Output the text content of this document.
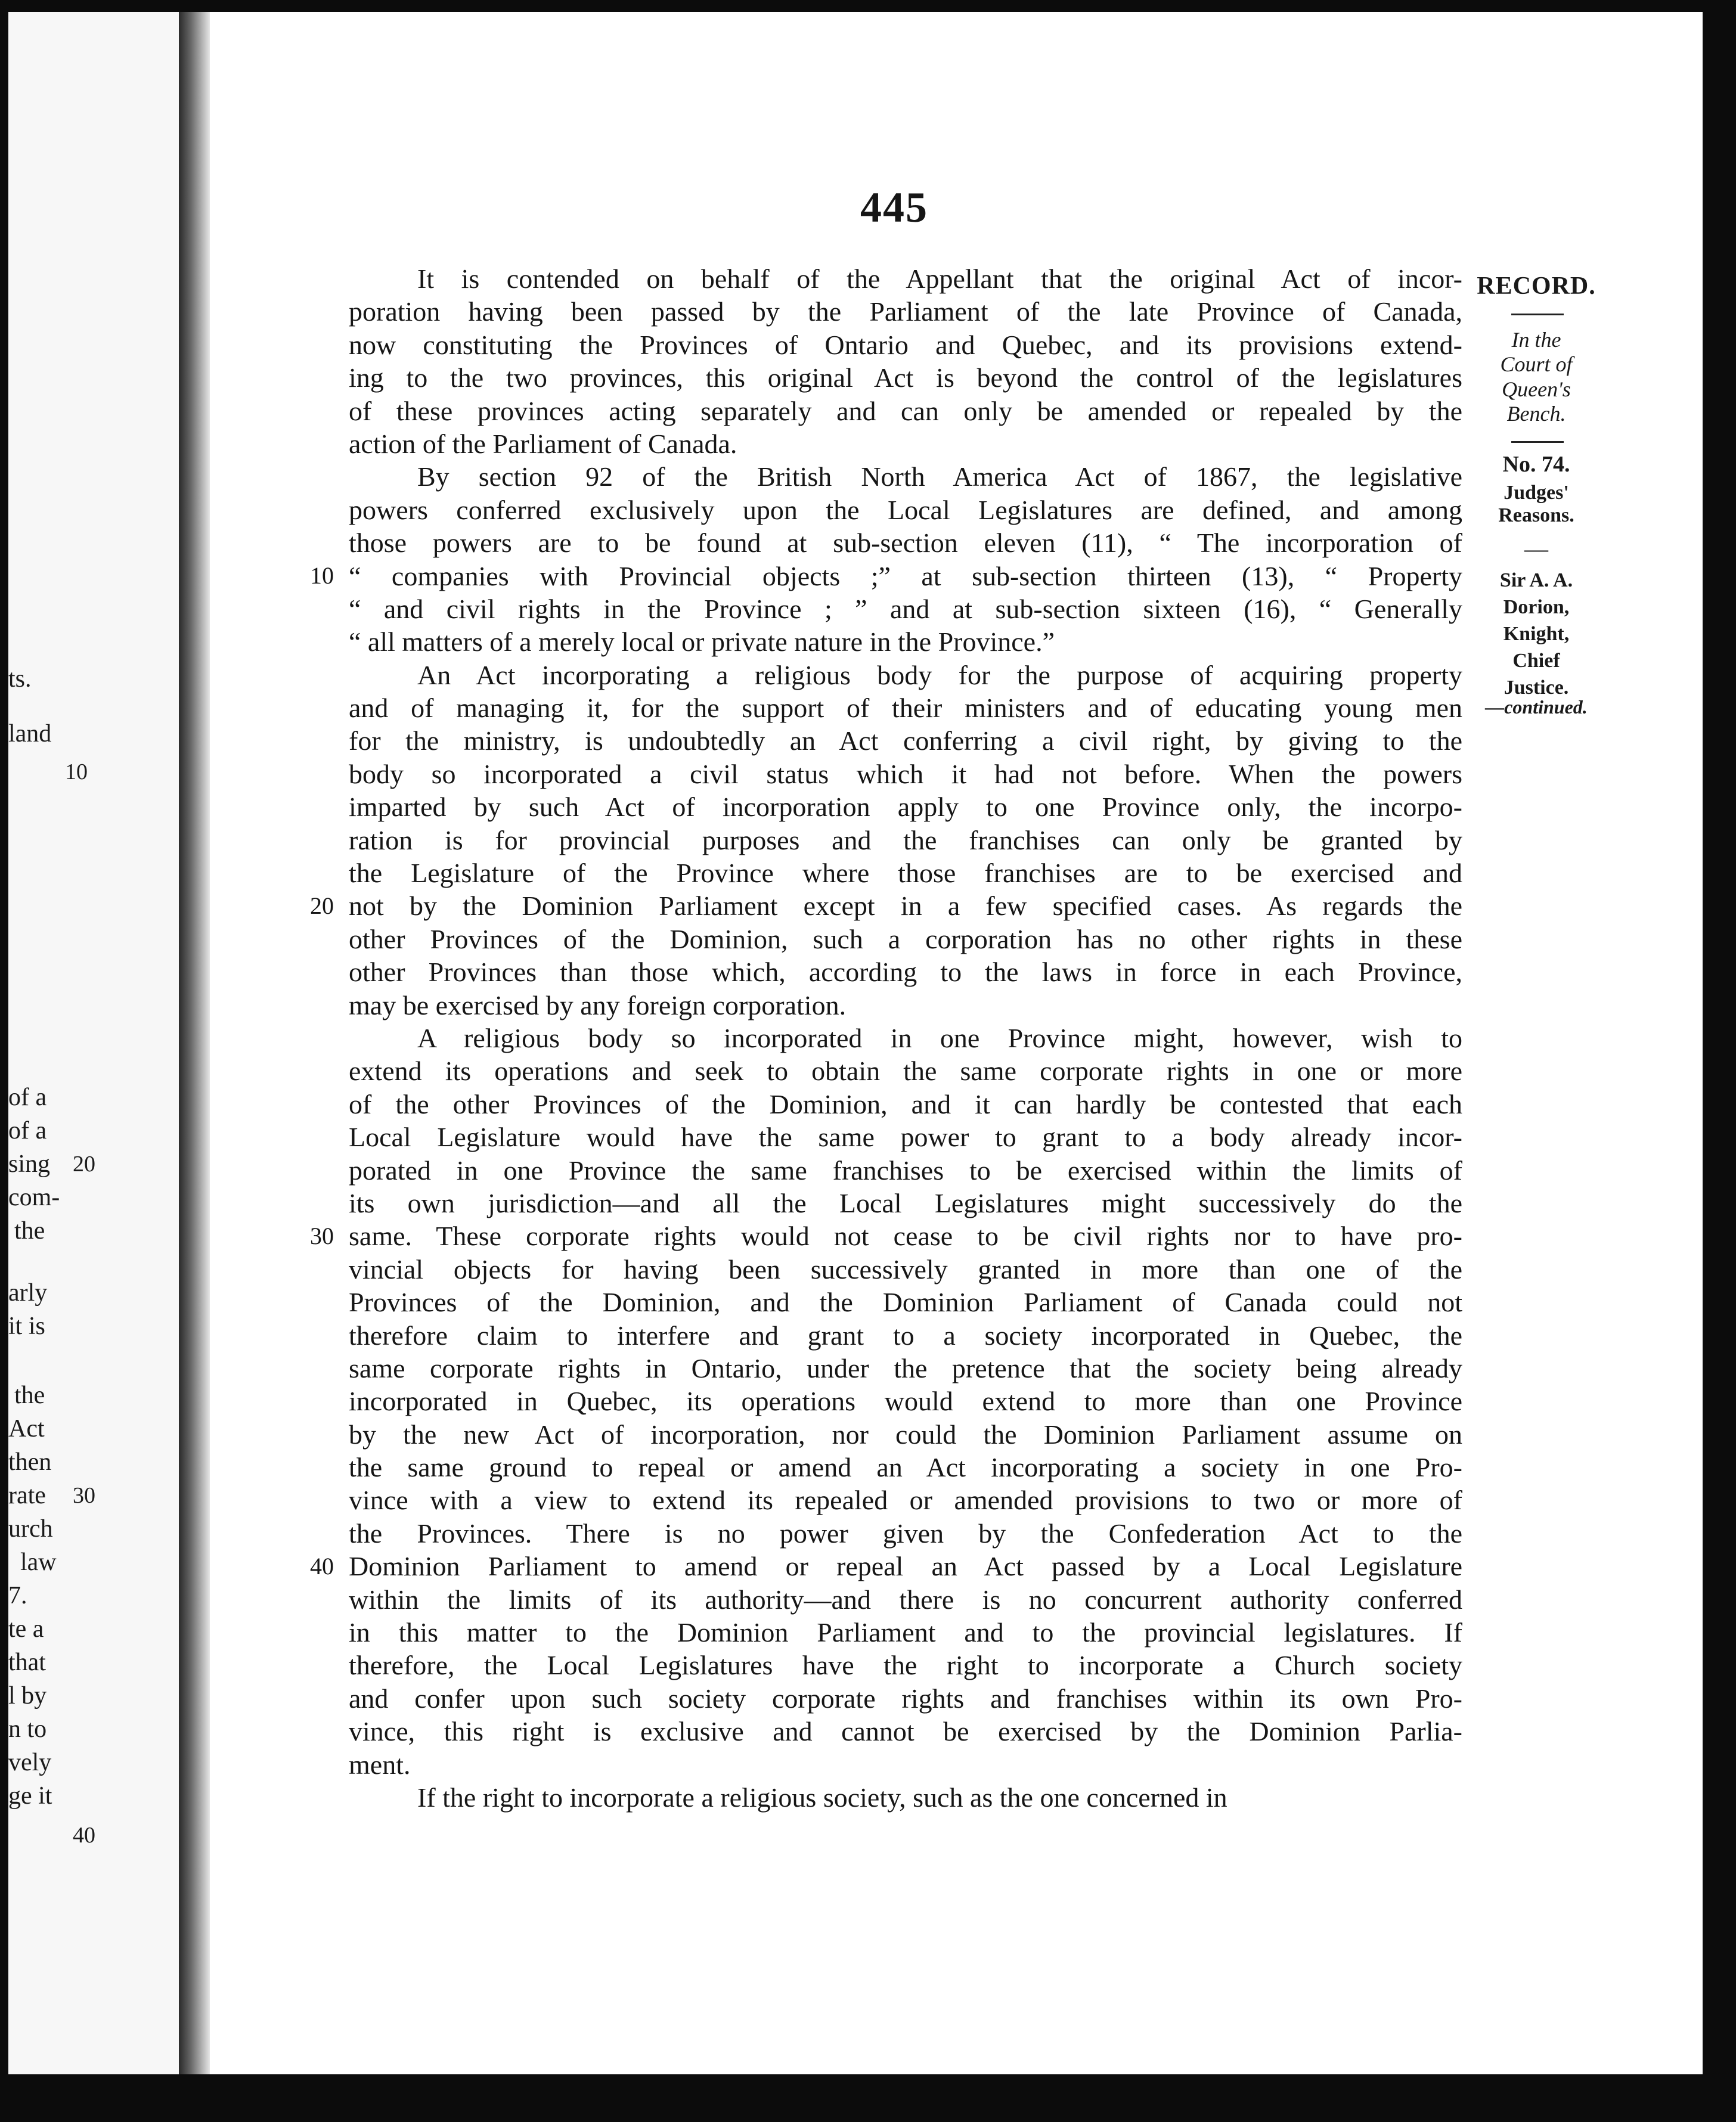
ts.
land
10
of a
of a
sing 20
com-
the
arly
it is
the
Act
then
rate 30
urch
law
7.
te a
that
l by
n to
vely
ge it
40
445
It is contended on behalf of the Appellant that the original Act of incor-
poration having been passed by the Parliament of the late Province of Canada,
now constituting the Provinces of Ontario and Quebec, and its provisions extend-
ing to the two provinces, this original Act is beyond the control of the legislatures
of these provinces acting separately and can only be amended or repealed by the
action of the Parliament of Canada.
By section 92 of the British North America Act of 1867, the legislative
powers conferred exclusively upon the Local Legislatures are defined, and among
those powers are to be found at sub-section eleven (11), “ The incorporation of
“ companies with Provincial objects ;” at sub-section thirteen (13), “ Property
“ and civil rights in the Province ; ” and at sub-section sixteen (16), “ Generally
“ all matters of a merely local or private nature in the Province.”
An Act incorporating a religious body for the purpose of acquiring property
and of managing it, for the support of their ministers and of educating young men
for the ministry, is undoubtedly an Act conferring a civil right, by giving to the
body so incorporated a civil status which it had not before. When the powers
imparted by such Act of incorporation apply to one Province only, the incorpo-
ration is for provincial purposes and the franchises can only be granted by
the Legislature of the Province where those franchises are to be exercised and
not by the Dominion Parliament except in a few specified cases. As regards the
other Provinces of the Dominion, such a corporation has no other rights in these
other Provinces than those which, according to the laws in force in each Province,
may be exercised by any foreign corporation.
A religious body so incorporated in one Province might, however, wish to
extend its operations and seek to obtain the same corporate rights in one or more
of the other Provinces of the Dominion, and it can hardly be contested that each
Local Legislature would have the same power to grant to a body already incor-
porated in one Province the same franchises to be exercised within the limits of
its own jurisdiction—and all the Local Legislatures might successively do the
same. These corporate rights would not cease to be civil rights nor to have pro-
vincial objects for having been successively granted in more than one of the
Provinces of the Dominion, and the Dominion Parliament of Canada could not
therefore claim to interfere and grant to a society incorporated in Quebec, the
same corporate rights in Ontario, under the pretence that the society being already
incorporated in Quebec, its operations would extend to more than one Province
by the new Act of incorporation, nor could the Dominion Parliament assume on
the same ground to repeal or amend an Act incorporating a society in one Pro-
vince with a view to extend its repealed or amended provisions to two or more of
the Provinces. There is no power given by the Confederation Act to the
Dominion Parliament to amend or repeal an Act passed by a Local Legislature
within the limits of its authority—and there is no concurrent authority conferred
in this matter to the Dominion Parliament and to the provincial legislatures. If
therefore, the Local Legislatures have the right to incorporate a Church society
and confer upon such society corporate rights and franchises within its own Pro-
vince, this right is exclusive and cannot be exercised by the Dominion Parlia-
ment.
If the right to incorporate a religious society, such as the one concerned in
10
20
30
40
RECORD.
In the
Court of
Queen's
Bench.
No. 74.
Judges'
Reasons.
—
Sir A. A.
Dorion,
Knight,
Chief
Justice.
—continued.
